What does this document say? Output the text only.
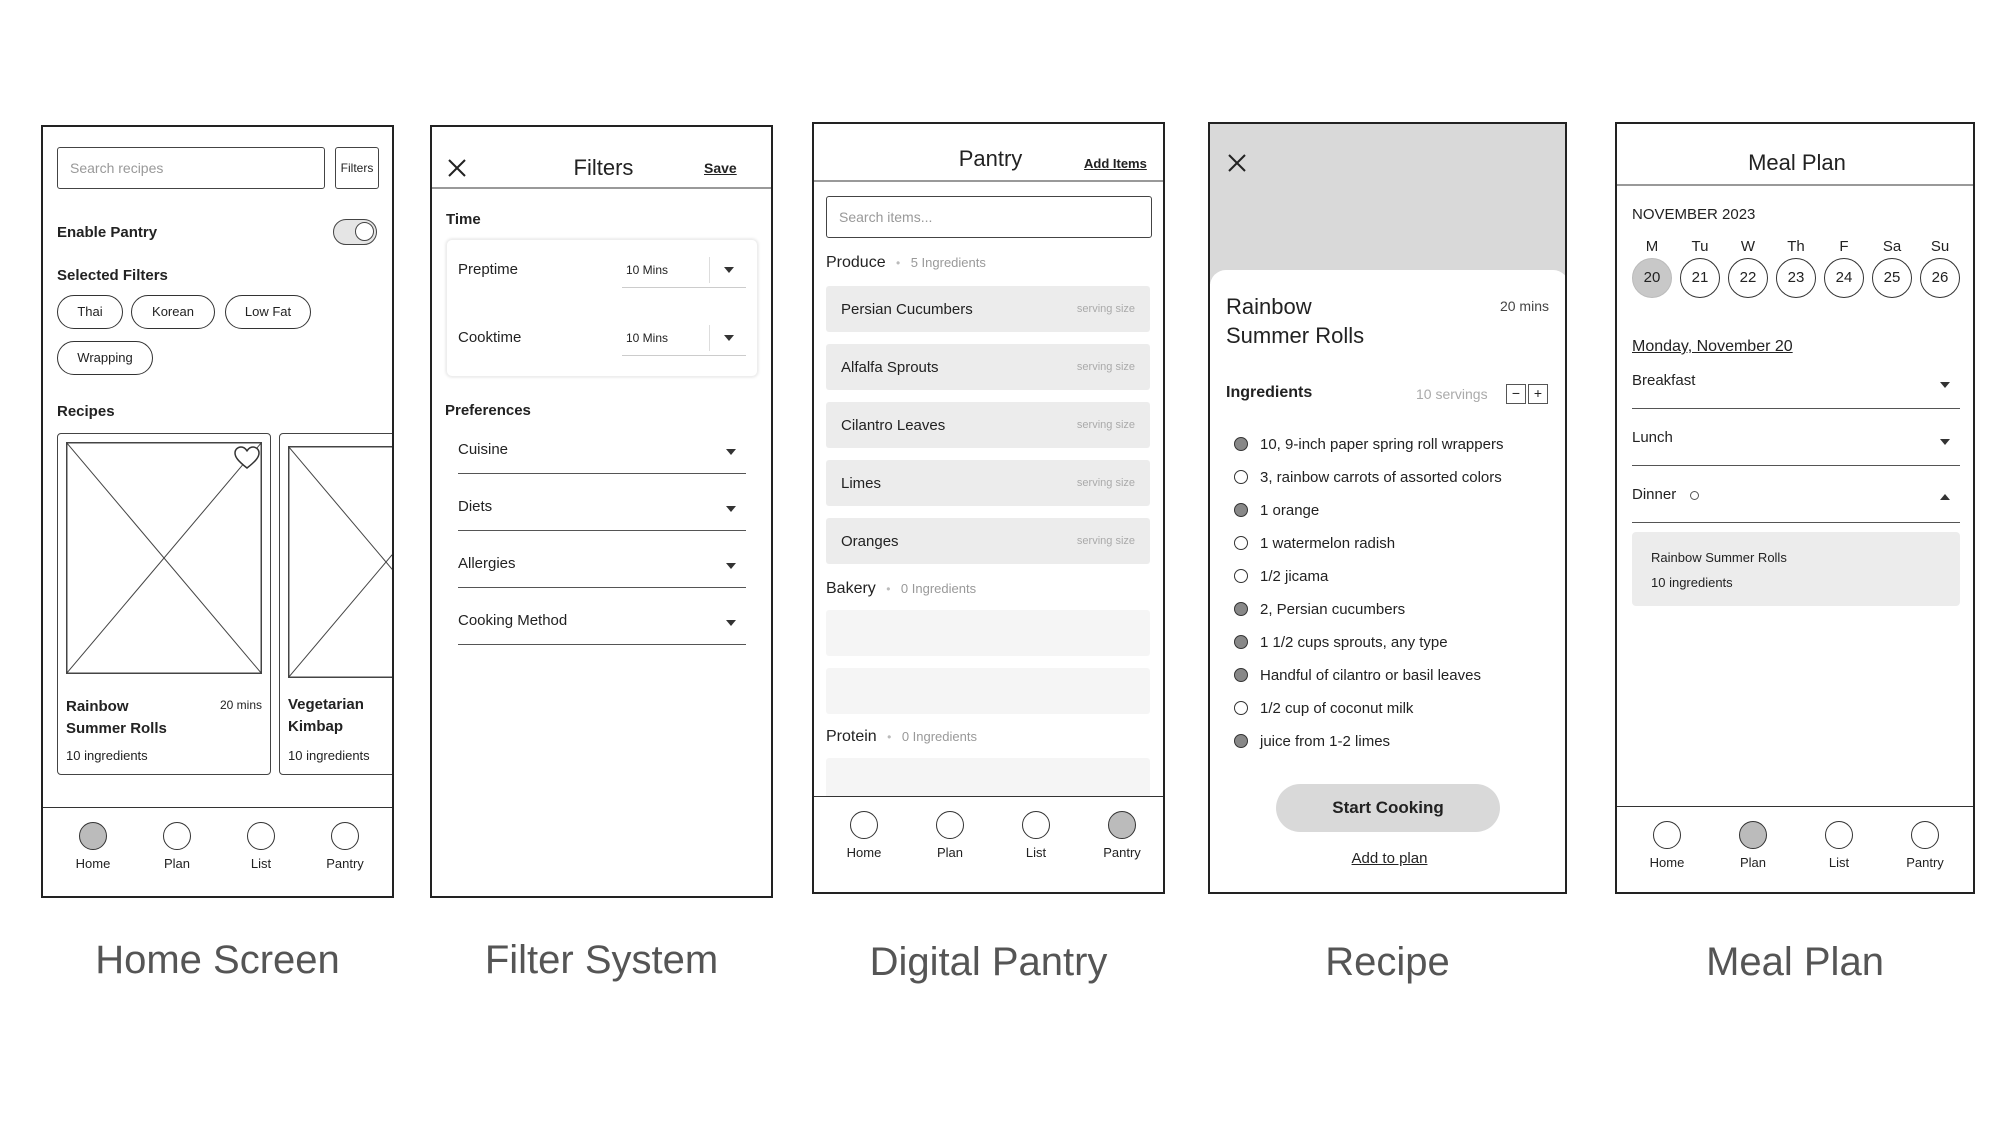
Search recipes	Filters
Enable Pantry
Selected Filters
Thai	Korean	Low Fat
Wrapping
Recipes
Rainbow
Summer Rolls
20 mins
10 ingredients
Vegetarian
Kimbap
10 ingredients
Home	Plan	List	Pantry
Home Screen
Filters	Save
Time
Preptime	10 Mins
Cooktime	10 Mins
Preferences
Cuisine
Diets
Allergies
Cooking Method
Filter System
Pantry	Add Items
Search items...
Produce • 5 Ingredients
Persian Cucumbers	serving size
Alfalfa Sprouts	serving size
Cilantro Leaves	serving size
Limes	serving size
Oranges	serving size
Bakery • 0 Ingredients
Protein • 0 Ingredients
Home	Plan	List	Pantry
Digital Pantry
Rainbow
Summer Rolls
20 mins
Ingredients	10 servings	− +
10, 9-inch paper spring roll wrappers
3, rainbow carrots of assorted colors
1 orange
1 watermelon radish
1/2 jicama
2, Persian cucumbers
1 1/2 cups sprouts, any type
Handful of cilantro or basil leaves
1/2 cup of coconut milk
juice from 1-2 limes
Start Cooking
Add to plan
Recipe
Meal Plan
NOVEMBER 2023
M	Tu	W	Th	F	Sa	Su
20	21	22	23	24	25	26
Monday, November 20
Breakfast
Lunch
Dinner
Rainbow Summer Rolls
10 ingredients
Home	Plan	List	Pantry
Meal Plan
